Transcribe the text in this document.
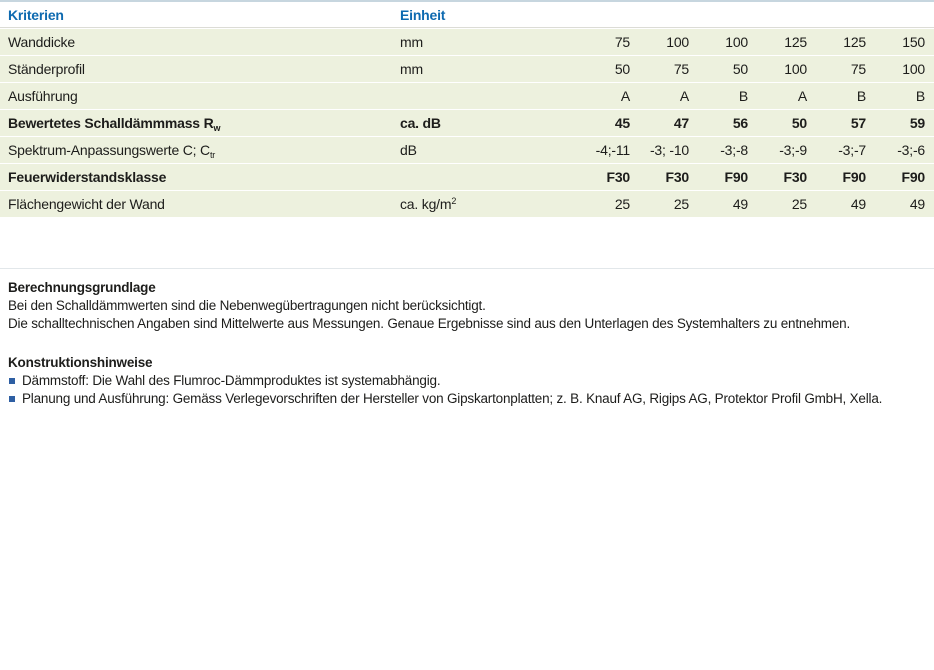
Kriterien	Einheit						
Wanddicke	mm	75	100	100	125	125	150
Ständerprofil	mm	50	75	50	100	75	100
Ausführung		A	A	B	A	B	B
Bewertetes Schalldämmmass $R_w$	ca. dB	45	47	56	50	57	59
Spektrum-Anpassungswerte C; $C_{tr}$	dB	-4;-11	-3; -10	-3;-8	-3;-9	-3;-7	-3;-6
Feuerwiderstandsklasse		F30	F30	F90	F30	F90	F90
Flächengewicht der Wand	ca. $kg/m^2$	25	25	49	25	49	49
Berechnungsgrundlage
Bei den Schalldämmwerten sind die Nebenwegübertragungen nicht berücksichtigt.
Die schalltechnischen Angaben sind Mittelwerte aus Messungen. Genaue Ergebnisse sind aus den Unterlagen des Systemhalters zu entnehmen.
Konstruktionshinweise
Dämmstoff: Die Wahl des Flumroc-Dämmproduktes ist systemabhängig.
Planung und Ausführung: Gemäss Verlegevorschriften der Hersteller von Gipskartonplatten; z. B. Knauf AG, Rigips AG, Protektor Profil GmbH, Xella.
